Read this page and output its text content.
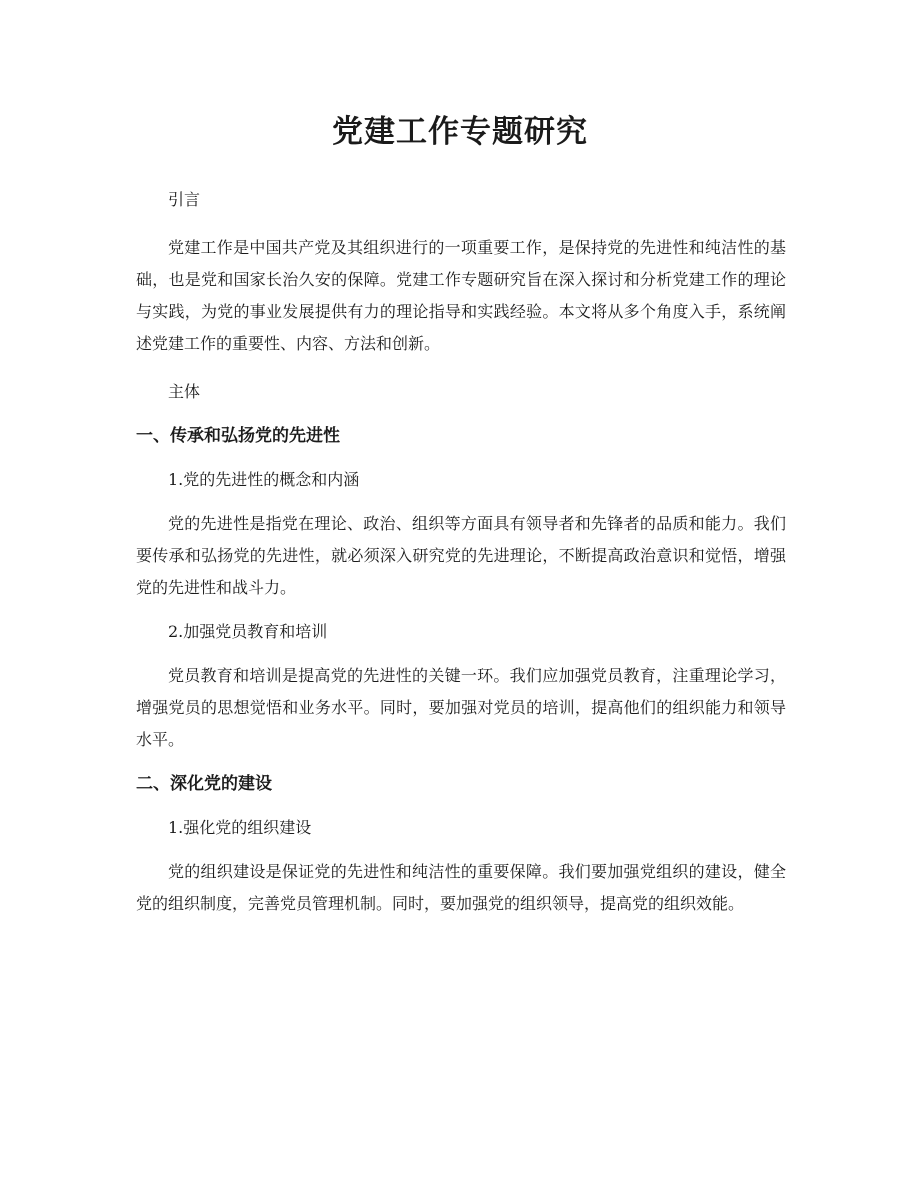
党建工作专题研究

引言

党建工作是中国共产党及其组织进行的一项重要工作，是保持党的先进性和纯洁性的基础，也是党和国家长治久安的保障。党建工作专题研究旨在深入探讨和分析党建工作的理论与实践，为党的事业发展提供有力的理论指导和实践经验。本文将从多个角度入手，系统阐述党建工作的重要性、内容、方法和创新。

主体

一、传承和弘扬党的先进性

1.党的先进性的概念和内涵

党的先进性是指党在理论、政治、组织等方面具有领导者和先锋者的品质和能力。我们要传承和弘扬党的先进性，就必须深入研究党的先进理论，不断提高政治意识和觉悟，增强党的先进性和战斗力。

2.加强党员教育和培训

党员教育和培训是提高党的先进性的关键一环。我们应加强党员教育，注重理论学习，增强党员的思想觉悟和业务水平。同时，要加强对党员的培训，提高他们的组织能力和领导水平。

二、深化党的建设

1.强化党的组织建设

党的组织建设是保证党的先进性和纯洁性的重要保障。我们要加强党组织的建设，健全党的组织制度，完善党员管理机制。同时，要加强党的组织领导，提高党的组织效能。
